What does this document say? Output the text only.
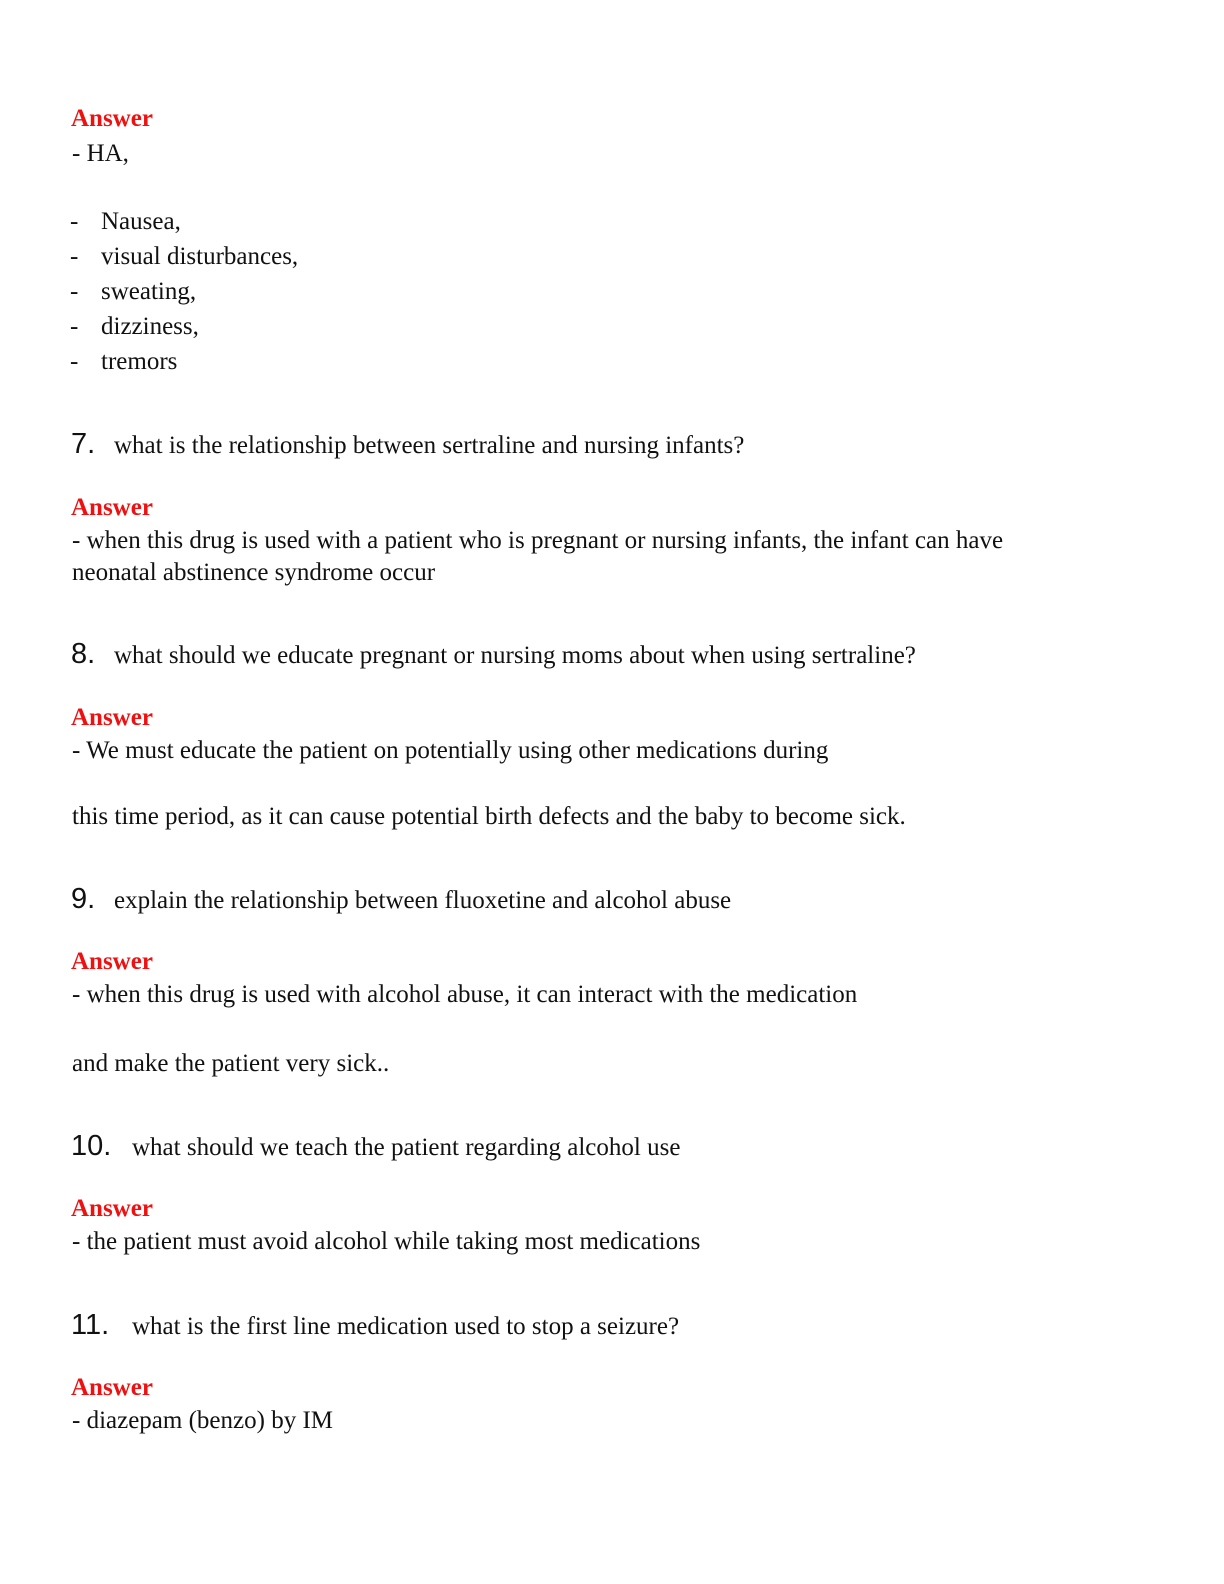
Answer
- HA,
- Nausea,
- visual disturbances,
- sweating,
- dizziness,
- tremors
7. what is the relationship between sertraline and nursing infants?
Answer
- when this drug is used with a patient who is pregnant or nursing infants, the infant can have
neonatal abstinence syndrome occur
8. what should we educate pregnant or nursing moms about when using sertraline?
Answer
- We must educate the patient on potentially using other medications during
this time period, as it can cause potential birth defects and the baby to become sick.
9. explain the relationship between fluoxetine and alcohol abuse
Answer
- when this drug is used with alcohol abuse, it can interact with the medication
and make the patient very sick..
10. what should we teach the patient regarding alcohol use
Answer
- the patient must avoid alcohol while taking most medications
11. what is the first line medication used to stop a seizure?
Answer
- diazepam (benzo) by IM
